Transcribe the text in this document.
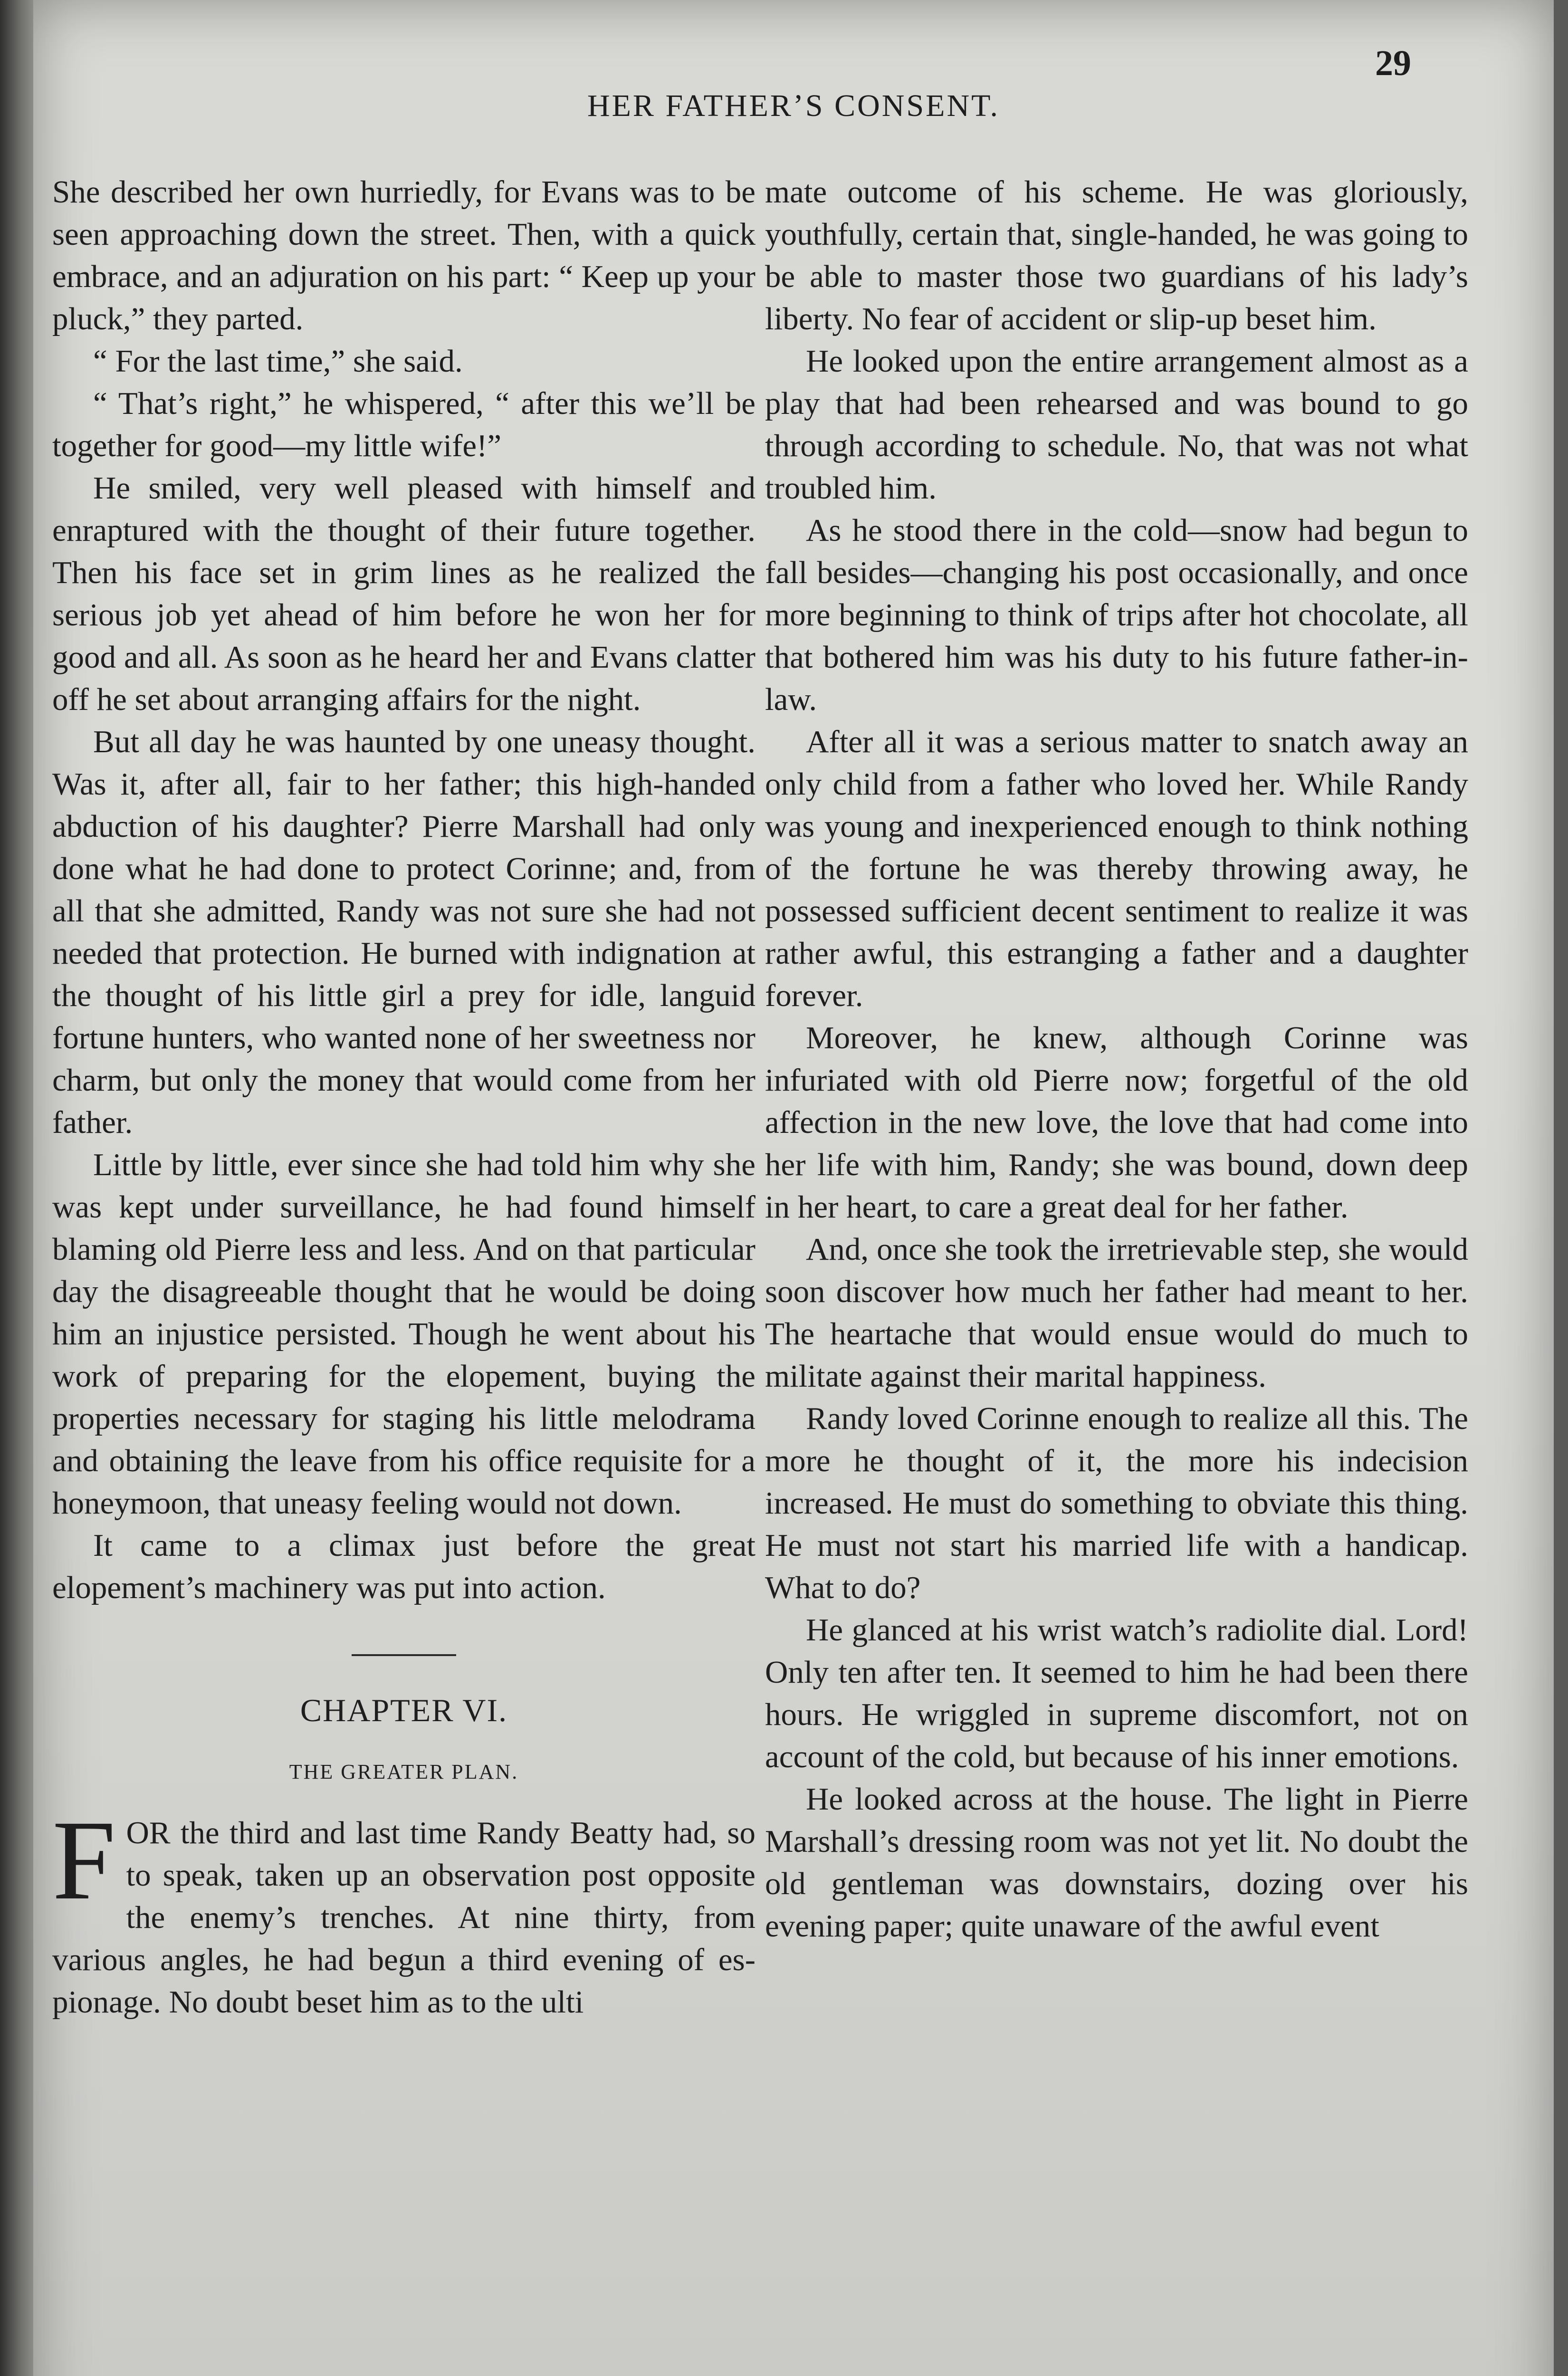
29
HER FATHER’S CONSENT.

She described her own hurriedly, for Evans was to be seen approaching down the street. Then, with a quick embrace, and an adjuration on his part: “ Keep up your pluck,” they parted.

“ For the last time,” she said.

“ That’s right,” he whispered, “ after this we’ll be together for good—my little wife!”

He smiled, very well pleased with himself and enraptured with the thought of their future together. Then his face set in grim lines as he realized the serious job yet ahead of him before he won her for good and all. As soon as he heard her and Evans clatter off he set about arranging affairs for the night.

But all day he was haunted by one uneasy thought. Was it, after all, fair to her father; this high-handed abduction of his daughter? Pierre Marshall had only done what he had done to protect Corinne; and, from all that she admitted, Randy was not sure she had not needed that protection. He burned with indignation at the thought of his little girl a prey for idle, languid fortune hunters, who wanted none of her sweetness nor charm, but only the money that would come from her father.

Little by little, ever since she had told him why she was kept under surveillance, he had found himself blaming old Pierre less and less. And on that particular day the disagreeable thought that he would be doing him an injustice persisted. Though he went about his work of preparing for the elopement, buying the properties necessary for staging his little melodrama and obtaining the leave from his office requisite for a honeymoon, that uneasy feeling would not down.

It came to a climax just before the great elopement’s machinery was put into action.

CHAPTER VI.
THE GREATER PLAN.

FOR the third and last time Randy Beatty had, so to speak, taken up an observation post opposite the enemy’s trenches. At nine thirty, from various angles, he had begun a third evening of espionage. No doubt beset him as to the ulti

mate outcome of his scheme. He was gloriously, youthfully, certain that, single-handed, he was going to be able to master those two guardians of his lady’s liberty. No fear of accident or slip-up beset him.

He looked upon the entire arrangement almost as a play that had been rehearsed and was bound to go through according to schedule. No, that was not what troubled him.

As he stood there in the cold—snow had begun to fall besides—changing his post occasionally, and once more beginning to think of trips after hot chocolate, all that bothered him was his duty to his future father-in-law.

After all it was a serious matter to snatch away an only child from a father who loved her. While Randy was young and inexperienced enough to think nothing of the fortune he was thereby throwing away, he possessed sufficient decent sentiment to realize it was rather awful, this estranging a father and a daughter forever.

Moreover, he knew, although Corinne was infuriated with old Pierre now; forgetful of the old affection in the new love, the love that had come into her life with him, Randy; she was bound, down deep in her heart, to care a great deal for her father.

And, once she took the irretrievable step, she would soon discover how much her father had meant to her. The heartache that would ensue would do much to militate against their marital happiness.

Randy loved Corinne enough to realize all this. The more he thought of it, the more his indecision increased. He must do something to obviate this thing. He must not start his married life with a handicap. What to do?

He glanced at his wrist watch’s radiolite dial. Lord! Only ten after ten. It seemed to him he had been there hours. He wriggled in supreme discomfort, not on account of the cold, but because of his inner emotions.

He looked across at the house. The light in Pierre Marshall’s dressing room was not yet lit. No doubt the old gentleman was downstairs, dozing over his evening paper; quite unaware of the awful event
